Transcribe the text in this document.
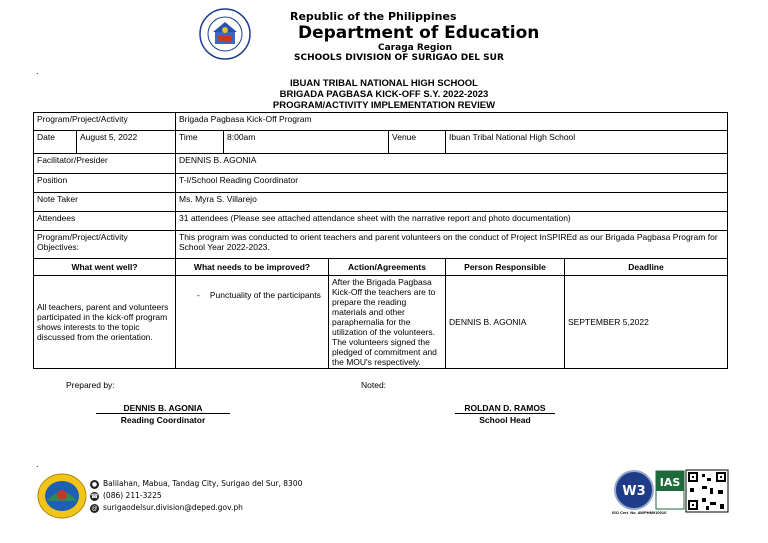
Republic of the Philippines
Department of Education
Caraga Region
SCHOOLS DIVISION OF SURIGAO DEL SUR
.
IBUAN TRIBAL NATIONAL HIGH SCHOOL
BRIGADA PAGBASA KICK-OFF S.Y. 2022-2023
PROGRAM/ACTIVITY IMPLEMENTATION REVIEW
Program/Project/Activity		Brigada Pagbasa Kick-Off Program					
Date	August 5, 2022	Time	8:00am		Venue	Ibuan Tribal National High School	
Facilitator/Presider		DENNIS B. AGONIA					
Position		T-I/School Reading Coordinator					
Note Taker		Ms. Myra S. Villarejo					
Attendees		31 attendees (Please see attached attendance sheet with the narrative report and photo documentation)					
Program/Project/Activity Objectives:		This program was conducted to orient teachers and parent volunteers on the conduct of Project InSPIREd as our Brigada Pagbasa Program for School Year 2022-2023.					
What went well?		What needs to be improved?		Action/Agreements		Person Responsible	Deadline
All teachers, parent and volunteers participated in the kick-off program shows interests to the topic discussed from the orientation.		- Punctuality of the participants		After the Brigada Pagbasa Kick-Off the teachers are to prepare the reading materials and other paraphernalia for the utilization of the volunteers. The volunteers signed the pledged of commitment and the MOU's respectively.		DENNIS B. AGONIA	SEPTEMBER 5,2022
Prepared by:	Noted:
DENNIS B. AGONIA
Reading Coordinator
ROLDAN D. RAMOS
School Head
.
● Balilahan, Mabua, Tandag City, Surigao del Sur, 8300
☎ (086) 211-3225
@ surigaodelsur.division@deped.gov.ph
W3
IAS
ISO Cert. No. AWPHM910010
